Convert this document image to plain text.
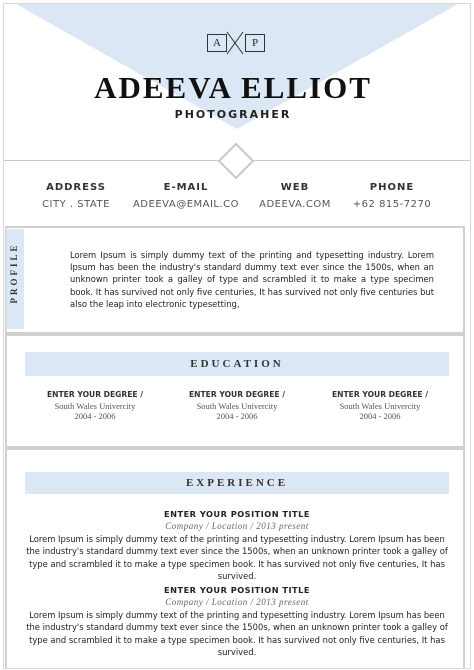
A	P
ADEEVA ELLIOT
PHOTOGRAHER
ADDRESS
CITY . STATE
E-MAIL
ADEEVA@EMAIL.CO
WEB
ADEEVA.COM
PHONE
+62 815-7270
PROFILE	Lorem Ipsum is simply dummy text of the printing and typesetting industry. Lorem Ipsum has been the industry's standard dummy text ever since the 1500s, when an unknown printer took a galley of type and scrambled it to make a type specimen book. It has survived not only five centuries, It has survived not only five centuries but also the leap into electronic typesetting,
EDUCATION
ENTER YOUR DEGREE /
South Wales Univercity
2004 - 2006
ENTER YOUR DEGREE /
South Wales Univercity
2004 - 2006
ENTER YOUR DEGREE /
South Wales Univercity
2004 - 2006
EXPERIENCE
ENTER YOUR POSITION TITLE
Company / Location / 2013 present
Lorem Ipsum is simply dummy text of the printing and typesetting industry. Lorem Ipsum has been the industry's standard dummy text ever since the 1500s, when an unknown printer took a galley of type and scrambled it to make a type specimen book. It has survived not only five centuries, It has survived.
ENTER YOUR POSITION TITLE
Company / Location / 2013 present
Lorem Ipsum is simply dummy text of the printing and typesetting industry. Lorem Ipsum has been the industry's standard dummy text ever since the 1500s, when an unknown printer took a galley of type and scrambled it to make a type specimen book. It has survived not only five centuries, It has survived.
